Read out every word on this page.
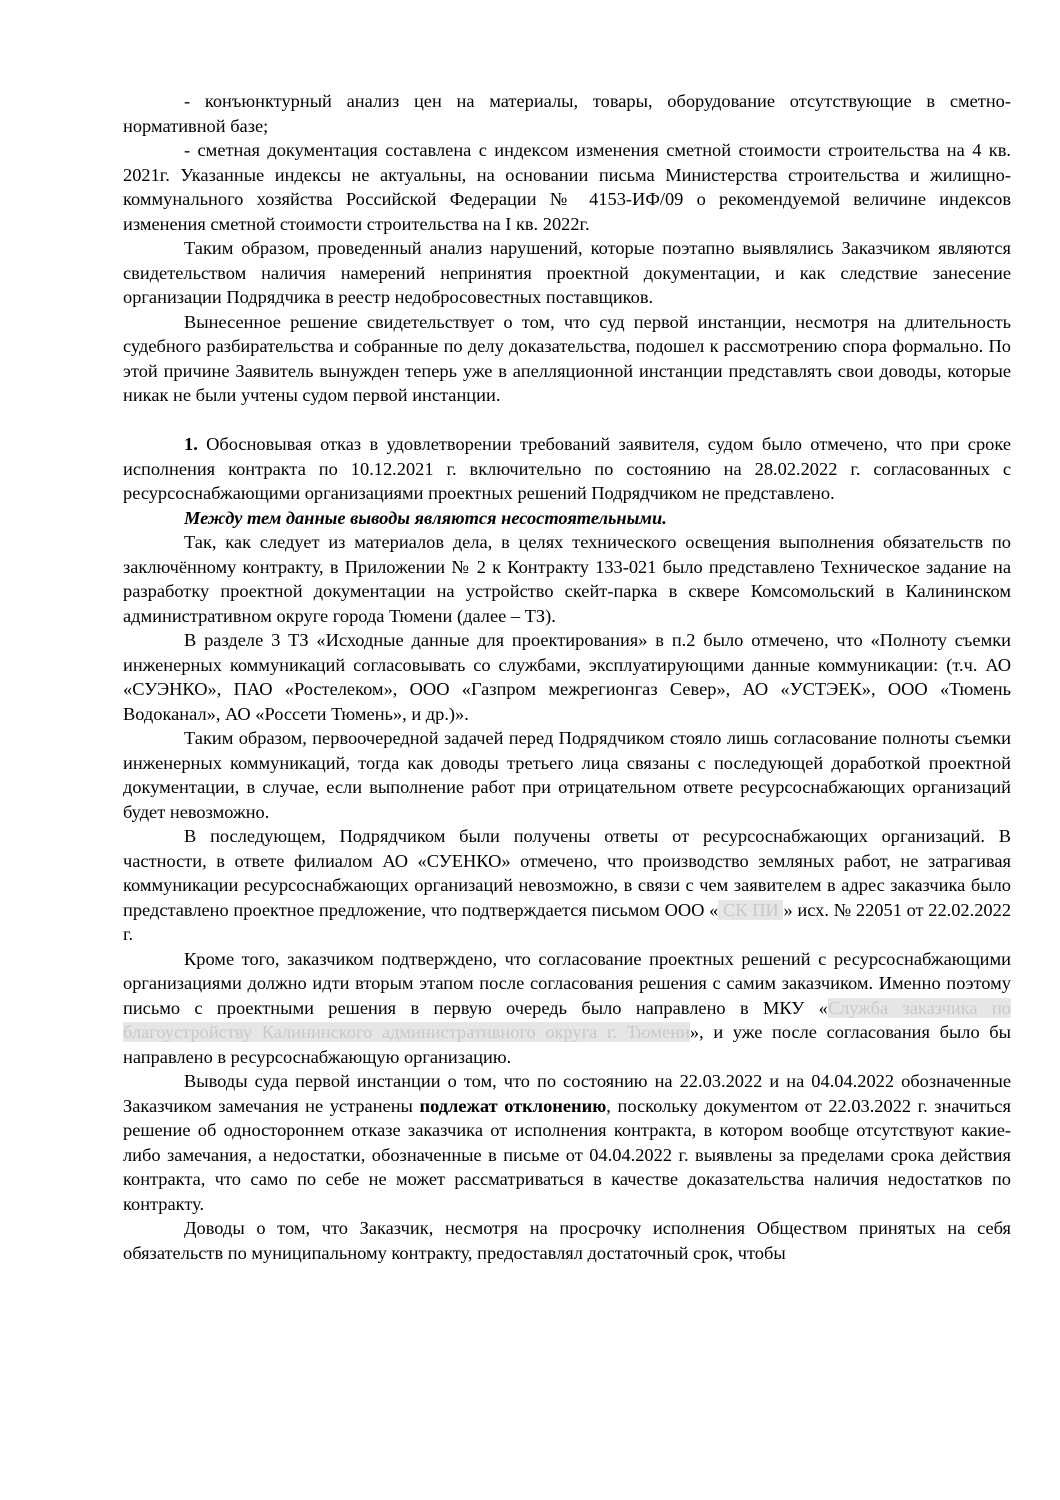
- конъюнктурный анализ цен на материалы, товары, оборудование отсутствующие в сметно-нормативной базе;

- сметная документация составлена с индексом изменения сметной стоимости строительства на 4 кв. 2021г. Указанные индексы не актуальны, на основании письма Министерства строительства и жилищно-коммунального хозяйства Российской Федерации № 4153-ИФ/09 о рекомендуемой величине индексов изменения сметной стоимости строительства на I кв. 2022г.

Таким образом, проведенный анализ нарушений, которые поэтапно выявлялись Заказчиком являются свидетельством наличия намерений непринятия проектной документации, и как следствие занесение организации Подрядчика в реестр недобросовестных поставщиков.

Вынесенное решение свидетельствует о том, что суд первой инстанции, несмотря на длительность судебного разбирательства и собранные по делу доказательства, подошел к рассмотрению спора формально. По этой причине Заявитель вынужден теперь уже в апелляционной инстанции представлять свои доводы, которые никак не были учтены судом первой инстанции.

1. Обосновывая отказ в удовлетворении требований заявителя, судом было отмечено, что при сроке исполнения контракта по 10.12.2021 г. включительно по состоянию на 28.02.2022 г. согласованных с ресурсоснабжающими организациями проектных решений Подрядчиком не представлено.

Между тем данные выводы являются несостоятельными.

Так, как следует из материалов дела, в целях технического освещения выполнения обязательств по заключённому контракту, в Приложении № 2 к Контракту 133-021 было представлено Техническое задание на разработку проектной документации на устройство скейт-парка в сквере Комсомольский в Калининском административном округе города Тюмени (далее – ТЗ).

В разделе 3 ТЗ «Исходные данные для проектирования» в п.2 было отмечено, что «Полноту съемки инженерных коммуникаций согласовывать со службами, эксплуатирующими данные коммуникации: (т.ч. АО «СУЭНКО», ПАО «Ростелеком», ООО «Газпром межрегионгаз Север», АО «УСТЭЕК», ООО «Тюмень Водоканал», АО «Россети Тюмень», и др.)».

Таким образом, первоочередной задачей перед Подрядчиком стояло лишь согласование полноты съемки инженерных коммуникаций, тогда как доводы третьего лица связаны с последующей доработкой проектной документации, в случае, если выполнение работ при отрицательном ответе ресурсоснабжающих организаций будет невозможно.

В последующем, Подрядчиком были получены ответы от ресурсоснабжающих организаций. В частности, в ответе филиалом АО «СУЕНКО» отмечено, что производство земляных работ, не затрагивая коммуникации ресурсоснабжающих организаций невозможно, в связи с чем заявителем в адрес заказчика было представлено проектное предложение, что подтверждается письмом ООО « СК ПИ » исх. № 22051 от 22.02.2022 г.

Кроме того, заказчиком подтверждено, что согласование проектных решений с ресурсоснабжающими организациями должно идти вторым этапом после согласования решения с самим заказчиком. Именно поэтому письмо с проектными решения в первую очередь было направлено в МКУ «Служба заказчика по благоустройству Калининского административного округа г. Тюмени», и уже после согласования было бы направлено в ресурсоснабжающую организацию.

Выводы суда первой инстанции о том, что по состоянию на 22.03.2022 и на 04.04.2022 обозначенные Заказчиком замечания не устранены подлежат отклонению, поскольку документом от 22.03.2022 г. значиться решение об одностороннем отказе заказчика от исполнения контракта, в котором вообще отсутствуют какие-либо замечания, а недостатки, обозначенные в письме от 04.04.2022 г. выявлены за пределами срока действия контракта, что само по себе не может рассматриваться в качестве доказательства наличия недостатков по контракту.

Доводы о том, что Заказчик, несмотря на просрочку исполнения Обществом принятых на себя обязательств по муниципальному контракту, предоставлял достаточный срок, чтобы
